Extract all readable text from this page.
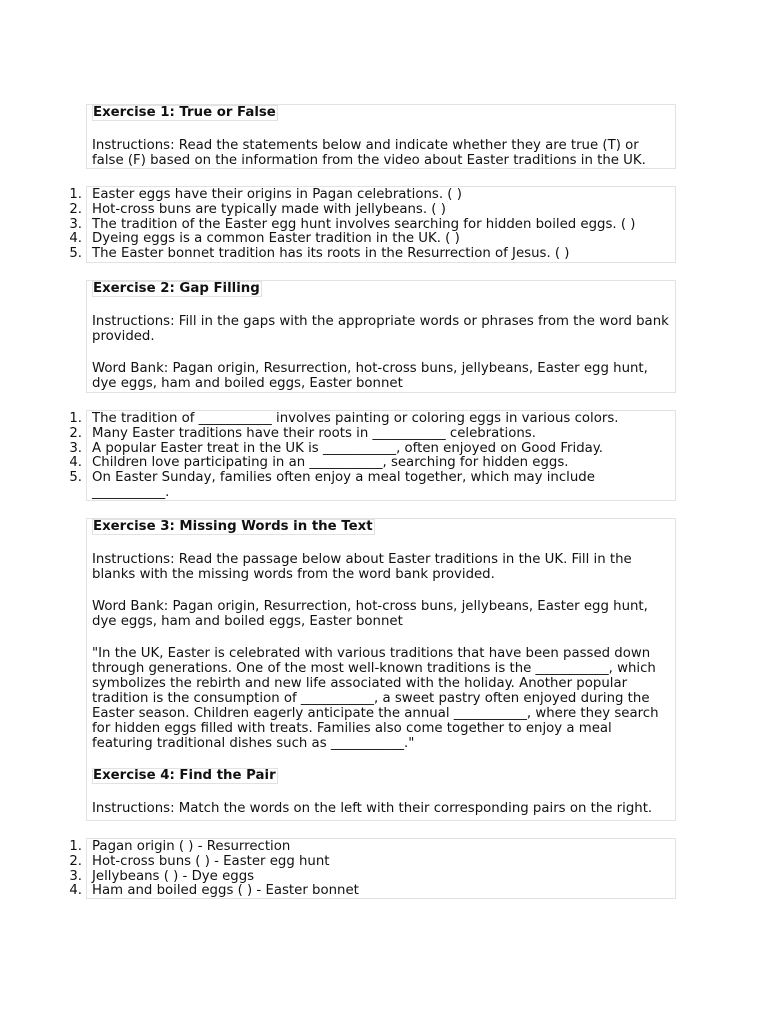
Exercise 1: True or False

Instructions: Read the statements below and indicate whether they are true (T) or false (F) based on the information from the video about Easter traditions in the UK.

1. Easter eggs have their origins in Pagan celebrations. ( )
2. Hot-cross buns are typically made with jellybeans. ( )
3. The tradition of the Easter egg hunt involves searching for hidden boiled eggs. ( )
4. Dyeing eggs is a common Easter tradition in the UK. ( )
5. The Easter bonnet tradition has its roots in the Resurrection of Jesus. ( )
Exercise 2: Gap Filling

Instructions: Fill in the gaps with the appropriate words or phrases from the word bank provided.

Word Bank: Pagan origin, Resurrection, hot-cross buns, jellybeans, Easter egg hunt, dye eggs, ham and boiled eggs, Easter bonnet

1. The tradition of ___________ involves painting or coloring eggs in various colors.
2. Many Easter traditions have their roots in ___________ celebrations.
3. A popular Easter treat in the UK is ___________, often enjoyed on Good Friday.
4. Children love participating in an ___________, searching for hidden eggs.
5. On Easter Sunday, families often enjoy a meal together, which may include ___________.
Exercise 3: Missing Words in the Text

Instructions: Read the passage below about Easter traditions in the UK. Fill in the blanks with the missing words from the word bank provided.

Word Bank: Pagan origin, Resurrection, hot-cross buns, jellybeans, Easter egg hunt, dye eggs, ham and boiled eggs, Easter bonnet

"In the UK, Easter is celebrated with various traditions that have been passed down through generations. One of the most well-known traditions is the ___________, which symbolizes the rebirth and new life associated with the holiday. Another popular tradition is the consumption of ___________, a sweet pastry often enjoyed during the Easter season. Children eagerly anticipate the annual ___________, where they search for hidden eggs filled with treats. Families also come together to enjoy a meal featuring traditional dishes such as ___________."

Exercise 4: Find the Pair

Instructions: Match the words on the left with their corresponding pairs on the right.

1. Pagan origin ( ) - Resurrection
2. Hot-cross buns ( ) - Easter egg hunt
3. Jellybeans ( ) - Dye eggs
4. Ham and boiled eggs ( ) - Easter bonnet
